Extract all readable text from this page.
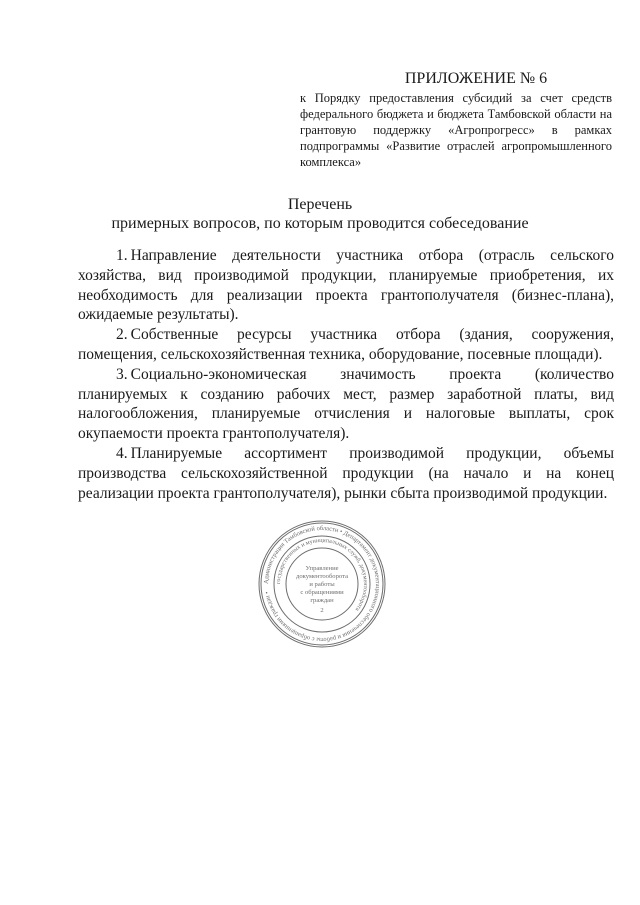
ПРИЛОЖЕНИЕ № 6
к Порядку предоставления субсидий за счет средств федерального бюджета и бюджета Тамбовской области на грантовую поддержку «Агропрогресс» в рамках подпрограммы «Развитие отраслей агропромышленного комплекса»
Перечень
примерных вопросов, по которым проводится собеседование

1. Направление деятельности участника отбора (отрасль сельского хозяйства, вид производимой продукции, планируемые приобретения, их необходимость для реализации проекта грантополучателя (бизнес-плана), ожидаемые результаты).

2. Собственные ресурсы участника отбора (здания, сооружения, помещения, сельскохозяйственная техника, оборудование, посевные площади).

3. Социально-экономическая значимость проекта (количество планируемых к созданию рабочих мест, размер заработной платы, вид налогообложения, планируемые отчисления и налоговые выплаты, срок окупаемости проекта грантополучателя).

4. Планируемые ассортимент производимой продукции, объемы производства сельскохозяйственной продукции (на начало и на конец реализации проекта грантополучателя), рынки сбыта производимой продукции.

Администрация Тамбовской области • Департамент документационного обеспечения и работы с обращениями граждан •
государственных и муниципальных служб, документооборота
Управление
документооборота
и работы
с обращениями
граждан
2
